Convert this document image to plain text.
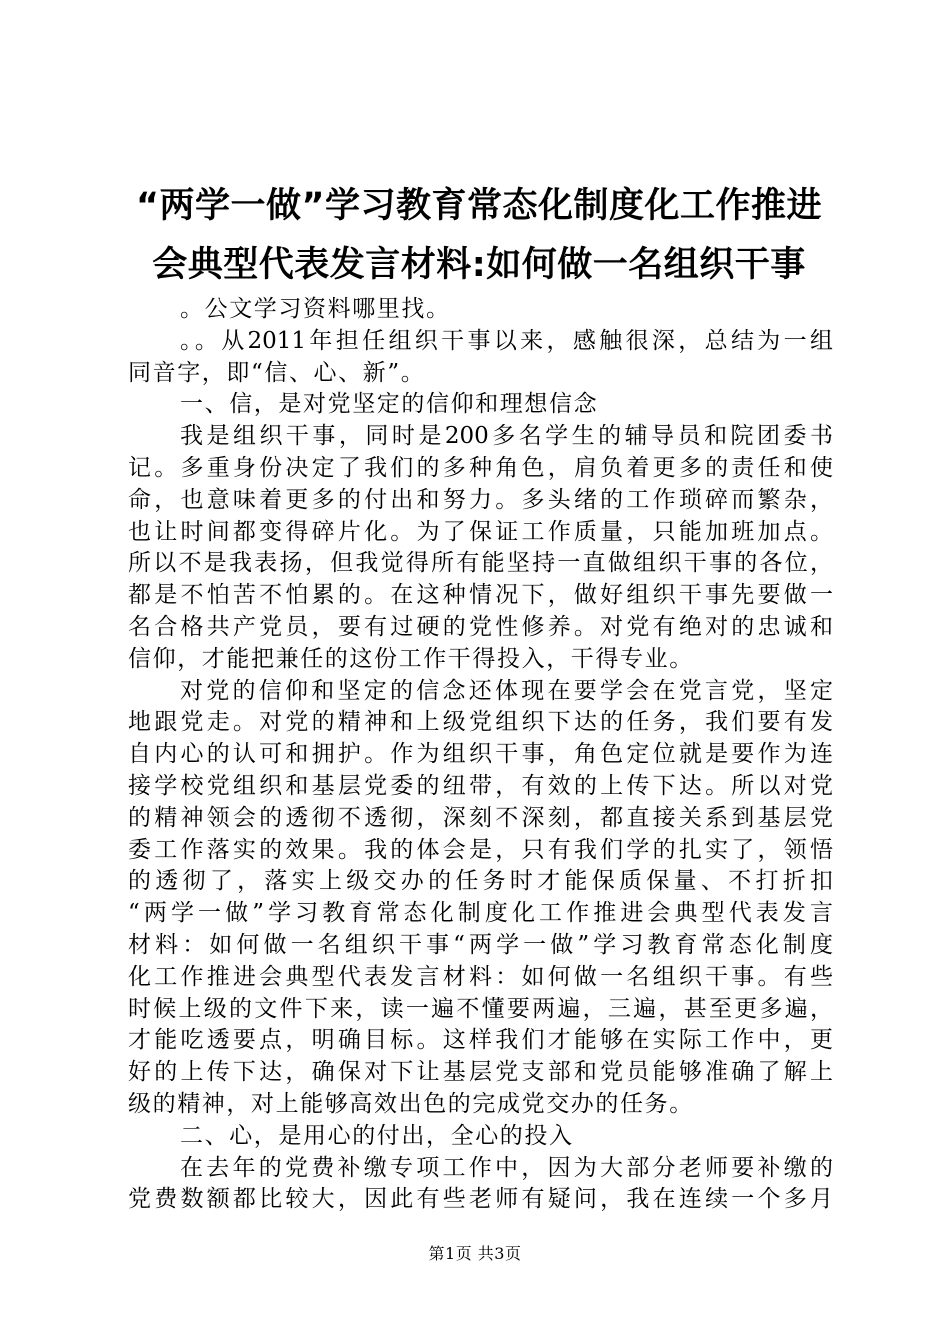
“两学一做”学习教育常态化制度化工作推进
会典型代表发言材料:如何做一名组织干事
。公文学习资料哪里找。
。。从2011年担任组织干事以来，感触很深，总结为一组
同音字，即“信、心、新”。
一、信，是对党坚定的信仰和理想信念
我是组织干事，同时是200多名学生的辅导员和院团委书
记。多重身份决定了我们的多种角色，肩负着更多的责任和使
命，也意味着更多的付出和努力。多头绪的工作琐碎而繁杂，
也让时间都变得碎片化。为了保证工作质量，只能加班加点。
所以不是我表扬，但我觉得所有能坚持一直做组织干事的各位，
都是不怕苦不怕累的。在这种情况下，做好组织干事先要做一
名合格共产党员，要有过硬的党性修养。对党有绝对的忠诚和
信仰，才能把兼任的这份工作干得投入，干得专业。
对党的信仰和坚定的信念还体现在要学会在党言党，坚定
地跟党走。对党的精神和上级党组织下达的任务，我们要有发
自内心的认可和拥护。作为组织干事，角色定位就是要作为连
接学校党组织和基层党委的纽带，有效的上传下达。所以对党
的精神领会的透彻不透彻，深刻不深刻，都直接关系到基层党
委工作落实的效果。我的体会是，只有我们学的扎实了，领悟
的透彻了，落实上级交办的任务时才能保质保量、不打折扣
“两学一做”学习教育常态化制度化工作推进会典型代表发言
材料：如何做一名组织干事“两学一做”学习教育常态化制度
化工作推进会典型代表发言材料：如何做一名组织干事。有些
时候上级的文件下来，读一遍不懂要两遍，三遍，甚至更多遍，
才能吃透要点，明确目标。这样我们才能够在实际工作中，更
好的上传下达，确保对下让基层党支部和党员能够准确了解上
级的精神，对上能够高效出色的完成党交办的任务。
二、心，是用心的付出，全心的投入
在去年的党费补缴专项工作中，因为大部分老师要补缴的
党费数额都比较大，因此有些老师有疑问，我在连续一个多月
第1页 共3页
